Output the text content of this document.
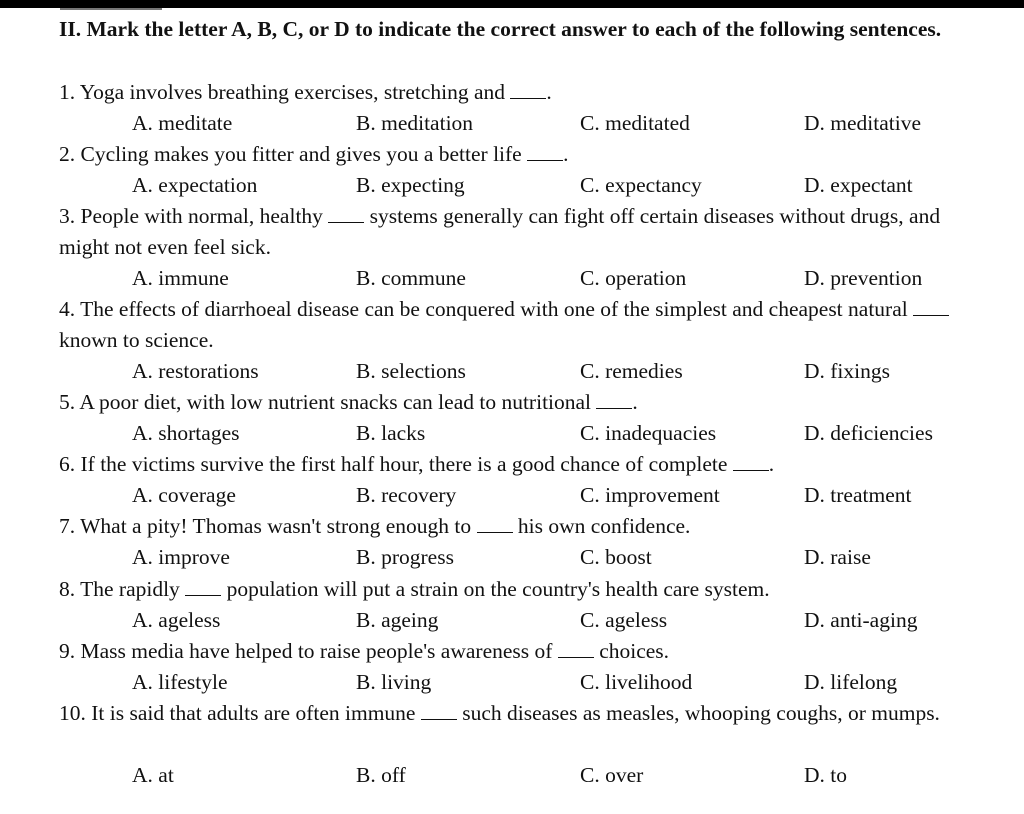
II. Mark the letter A, B, C, or D to indicate the correct answer to each of the following sentences.
1. Yoga involves breathing exercises, stretching and .
A. meditate	B. meditation	C. meditated	D. meditative
2. Cycling makes you fitter and gives you a better life .
A. expectation	B. expecting	C. expectancy	D. expectant
3. People with normal, healthy  systems generally can fight off certain diseases without drugs, and might not even feel sick.
A. immune	B. commune	C. operation	D. prevention
4. The effects of diarrhoeal disease can be conquered with one of the simplest and cheapest natural  known to science.
A. restorations	B. selections	C. remedies	D. fixings
5. A poor diet, with low nutrient snacks can lead to nutritional .
A. shortages	B. lacks	C. inadequacies	D. deficiencies
6. If the victims survive the first half hour, there is a good chance of complete .
A. coverage	B. recovery	C. improvement	D. treatment
7. What a pity! Thomas wasn't strong enough to  his own confidence.
A. improve	B. progress	C. boost	D. raise
8. The rapidly  population will put a strain on the country's health care system.
A. ageless	B. ageing	C. ageless	D. anti-aging
9. Mass media have helped to raise people's awareness of  choices.
A. lifestyle	B. living	C. livelihood	D. lifelong
10. It is said that adults are often immune  such diseases as measles, whooping coughs, or mumps.
A. at	B. off	C. over	D. to
